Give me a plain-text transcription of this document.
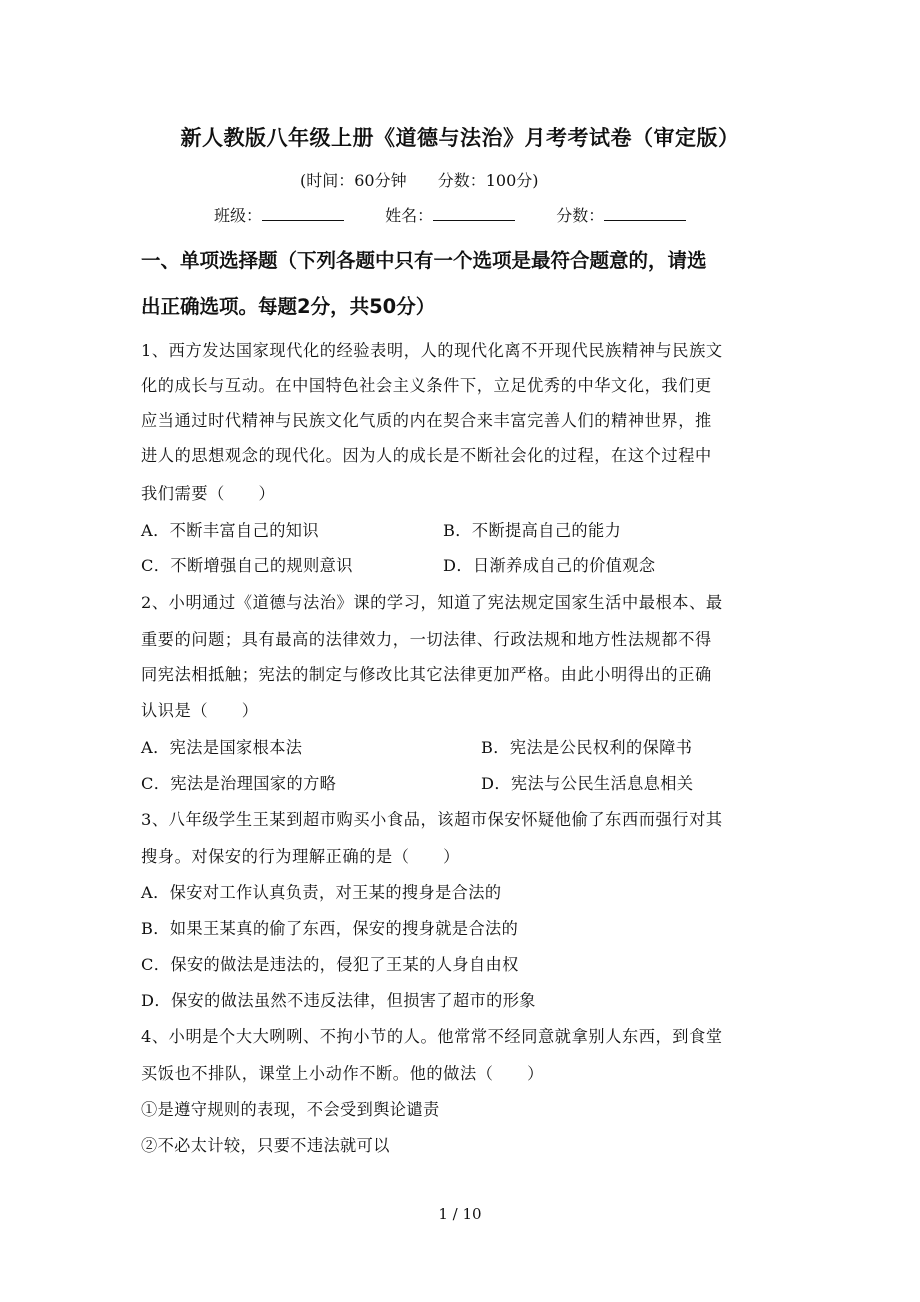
新人教版八年级上册《道德与法治》月考考试卷（审定版）
(时间：60分钟 分数：100分)
班级：	姓名：	分数：
一、单项选择题（下列各题中只有一个选项是最符合题意的，请选
出正确选项。每题2分，共50分）
1、西方发达国家现代化的经验表明，人的现代化离不开现代民族精神与民族文
化的成长与互动。在中国特色社会主义条件下，立足优秀的中华文化，我们更
应当通过时代精神与民族文化气质的内在契合来丰富完善人们的精神世界，推
进人的思想观念的现代化。因为人的成长是不断社会化的过程，在这个过程中
我们需要（　　）
A．不断丰富自己的知识	B．不断提高自己的能力
C．不断增强自己的规则意识	D．日渐养成自己的价值观念
2、小明通过《道德与法治》课的学习，知道了宪法规定国家生活中最根本、最
重要的问题；具有最高的法律效力，一切法律、行政法规和地方性法规都不得
同宪法相抵触；宪法的制定与修改比其它法律更加严格。由此小明得出的正确
认识是（　　）
A．宪法是国家根本法	B．宪法是公民权利的保障书
C．宪法是治理国家的方略	D．宪法与公民生活息息相关
3、八年级学生王某到超市购买小食品，该超市保安怀疑他偷了东西而强行对其
搜身。对保安的行为理解正确的是（　　）
A．保安对工作认真负责，对王某的搜身是合法的
B．如果王某真的偷了东西，保安的搜身就是合法的
C．保安的做法是违法的，侵犯了王某的人身自由权
D．保安的做法虽然不违反法律，但损害了超市的形象
4、小明是个大大咧咧、不拘小节的人。他常常不经同意就拿别人东西，到食堂
买饭也不排队，课堂上小动作不断。他的做法（　　）
①是遵守规则的表现，不会受到舆论谴责
②不必太计较，只要不违法就可以
1 / 10
